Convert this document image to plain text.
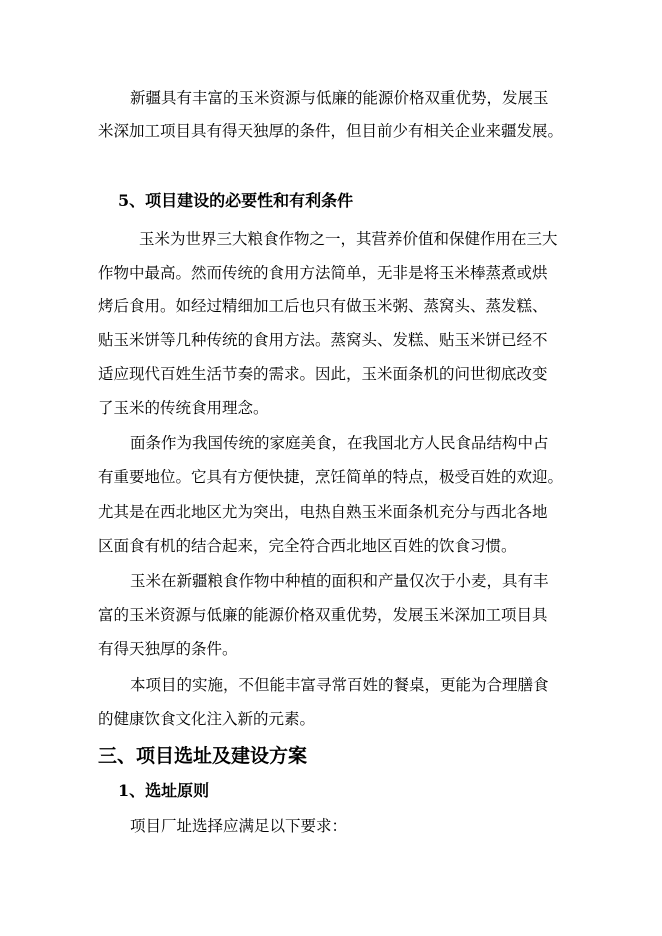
新疆具有丰富的玉米资源与低廉的能源价格双重优势，发展玉
米深加工项目具有得天独厚的条件，但目前少有相关企业来疆发展。
5、项目建设的必要性和有利条件
玉米为世界三大粮食作物之一，其营养价值和保健作用在三大
作物中最高。然而传统的食用方法简单，无非是将玉米棒蒸煮或烘
烤后食用。如经过精细加工后也只有做玉米粥、蒸窝头、蒸发糕、
贴玉米饼等几种传统的食用方法。蒸窝头、发糕、贴玉米饼已经不
适应现代百姓生活节奏的需求。因此，玉米面条机的问世彻底改变
了玉米的传统食用理念。
面条作为我国传统的家庭美食，在我国北方人民食品结构中占
有重要地位。它具有方便快捷，烹饪简单的特点，极受百姓的欢迎。
尤其是在西北地区尤为突出，电热自熟玉米面条机充分与西北各地
区面食有机的结合起来，完全符合西北地区百姓的饮食习惯。
玉米在新疆粮食作物中种植的面积和产量仅次于小麦，具有丰
富的玉米资源与低廉的能源价格双重优势，发展玉米深加工项目具
有得天独厚的条件。
本项目的实施，不但能丰富寻常百姓的餐桌，更能为合理膳食
的健康饮食文化注入新的元素。
三、项目选址及建设方案
1、选址原则
项目厂址选择应满足以下要求：
